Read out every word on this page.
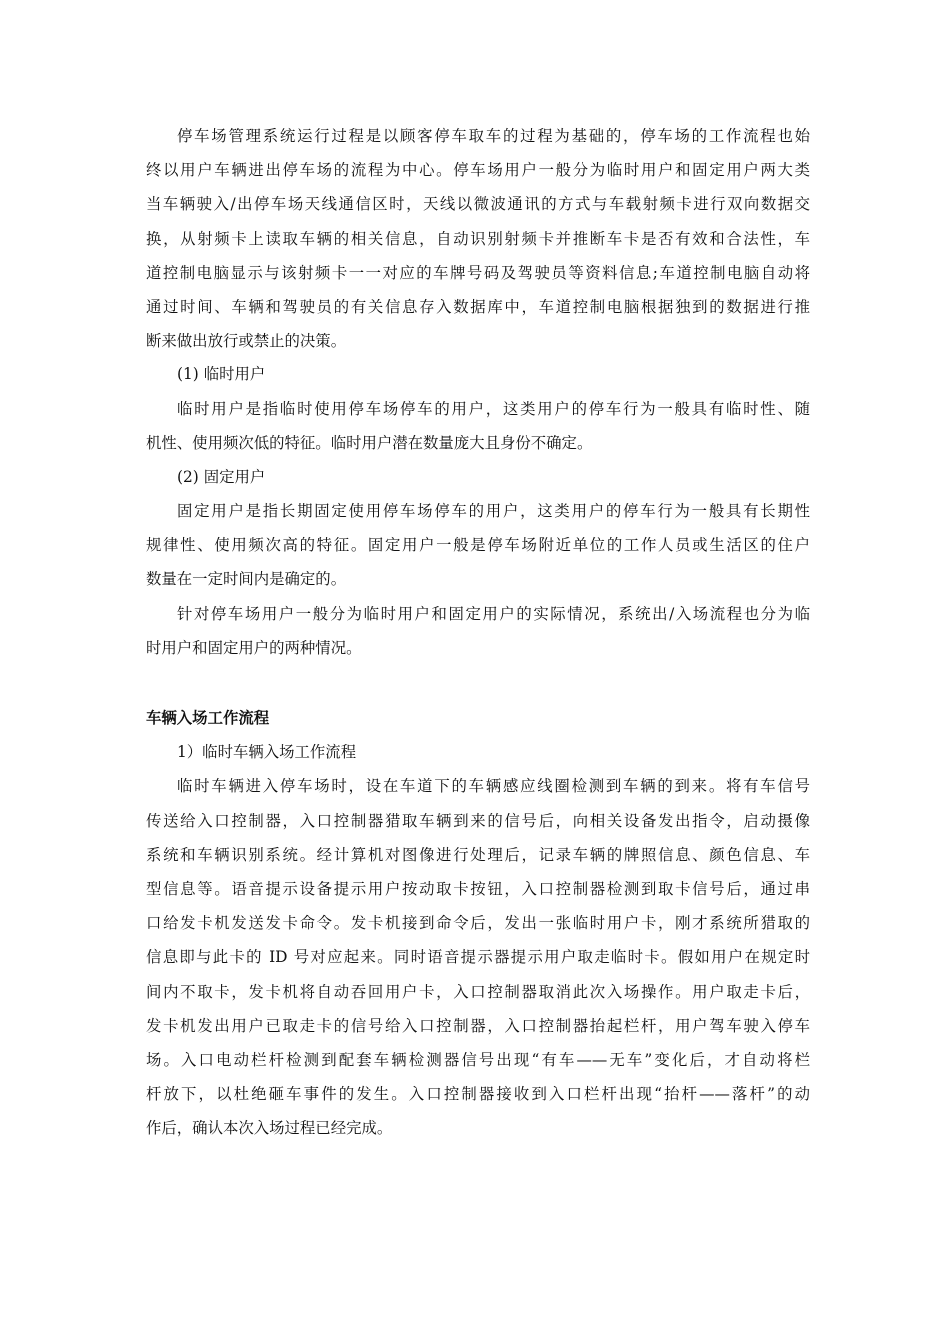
停车场管理系统运行过程是以顾客停车取车的过程为基础的，停车场的工作流程也始
终以用户车辆进出停车场的流程为中心。停车场用户一般分为临时用户和固定用户两大类
当车辆驶入/出停车场天线通信区时，天线以微波通讯的方式与车载射频卡进行双向数据交
换，从射频卡上读取车辆的相关信息，自动识别射频卡并推断车卡是否有效和合法性，车
道控制电脑显示与该射频卡一一对应的车牌号码及驾驶员等资料信息;车道控制电脑自动将
通过时间、车辆和驾驶员的有关信息存入数据库中，车道控制电脑根据独到的数据进行推
断来做出放行或禁止的决策。
(1) 临时用户
临时用户是指临时使用停车场停车的用户，这类用户的停车行为一般具有临时性、随
机性、使用频次低的特征。临时用户潜在数量庞大且身份不确定。
(2) 固定用户
固定用户是指长期固定使用停车场停车的用户，这类用户的停车行为一般具有长期性
规律性、使用频次高的特征。固定用户一般是停车场附近单位的工作人员或生活区的住户
数量在一定时间内是确定的。
针对停车场用户一般分为临时用户和固定用户的实际情况，系统出/入场流程也分为临
时用户和固定用户的两种情况。
车辆入场工作流程
1）临时车辆入场工作流程
临时车辆进入停车场时，设在车道下的车辆感应线圈检测到车辆的到来。将有车信号
传送给入口控制器，入口控制器猎取车辆到来的信号后，向相关设备发出指令，启动摄像
系统和车辆识别系统。经计算机对图像进行处理后，记录车辆的牌照信息、颜色信息、车
型信息等。语音提示设备提示用户按动取卡按钮，入口控制器检测到取卡信号后，通过串
口给发卡机发送发卡命令。发卡机接到命令后，发出一张临时用户卡，刚才系统所猎取的
信息即与此卡的 ID 号对应起来。同时语音提示器提示用户取走临时卡。假如用户在规定时
间内不取卡，发卡机将自动吞回用户卡，入口控制器取消此次入场操作。用户取走卡后，
发卡机发出用户已取走卡的信号给入口控制器，入口控制器抬起栏杆，用户驾车驶入停车
场。入口电动栏杆检测到配套车辆检测器信号出现“有车——无车”变化后，才自动将栏
杆放下，以杜绝砸车事件的发生。入口控制器接收到入口栏杆出现“抬杆——落杆”的动
作后，确认本次入场过程已经完成。
